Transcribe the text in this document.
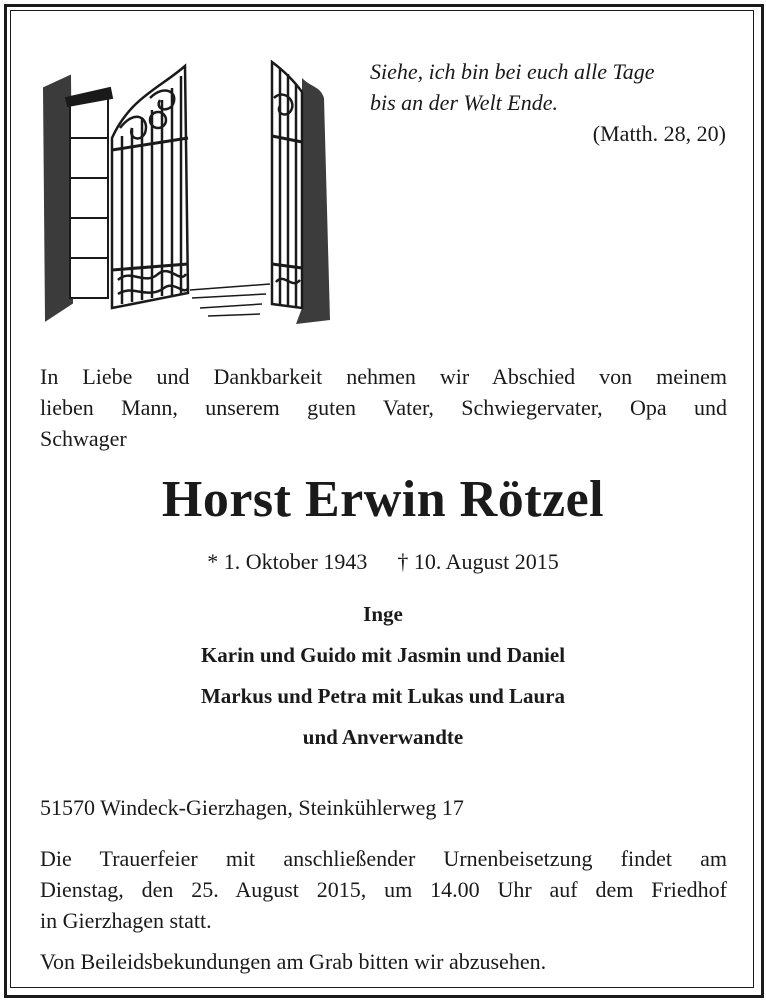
Siehe, ich bin bei euch alle Tage
bis an der Welt Ende.
(Matth. 28, 20)
In Liebe und Dankbarkeit nehmen wir Abschied von meinem
lieben Mann, unserem guten Vater, Schwiegervater, Opa und
Schwager
Horst Erwin Rötzel
* 1. Oktober 1943 † 10. August 2015
Inge
Karin und Guido mit Jasmin und Daniel
Markus und Petra mit Lukas und Laura
und Anverwandte
51570 Windeck-Gierzhagen, Steinkühlerweg 17
Die Trauerfeier mit anschließender Urnenbeisetzung findet am
Dienstag, den 25. August 2015, um 14.00 Uhr auf dem Friedhof
in Gierzhagen statt.
Von Beileidsbekundungen am Grab bitten wir abzusehen.
